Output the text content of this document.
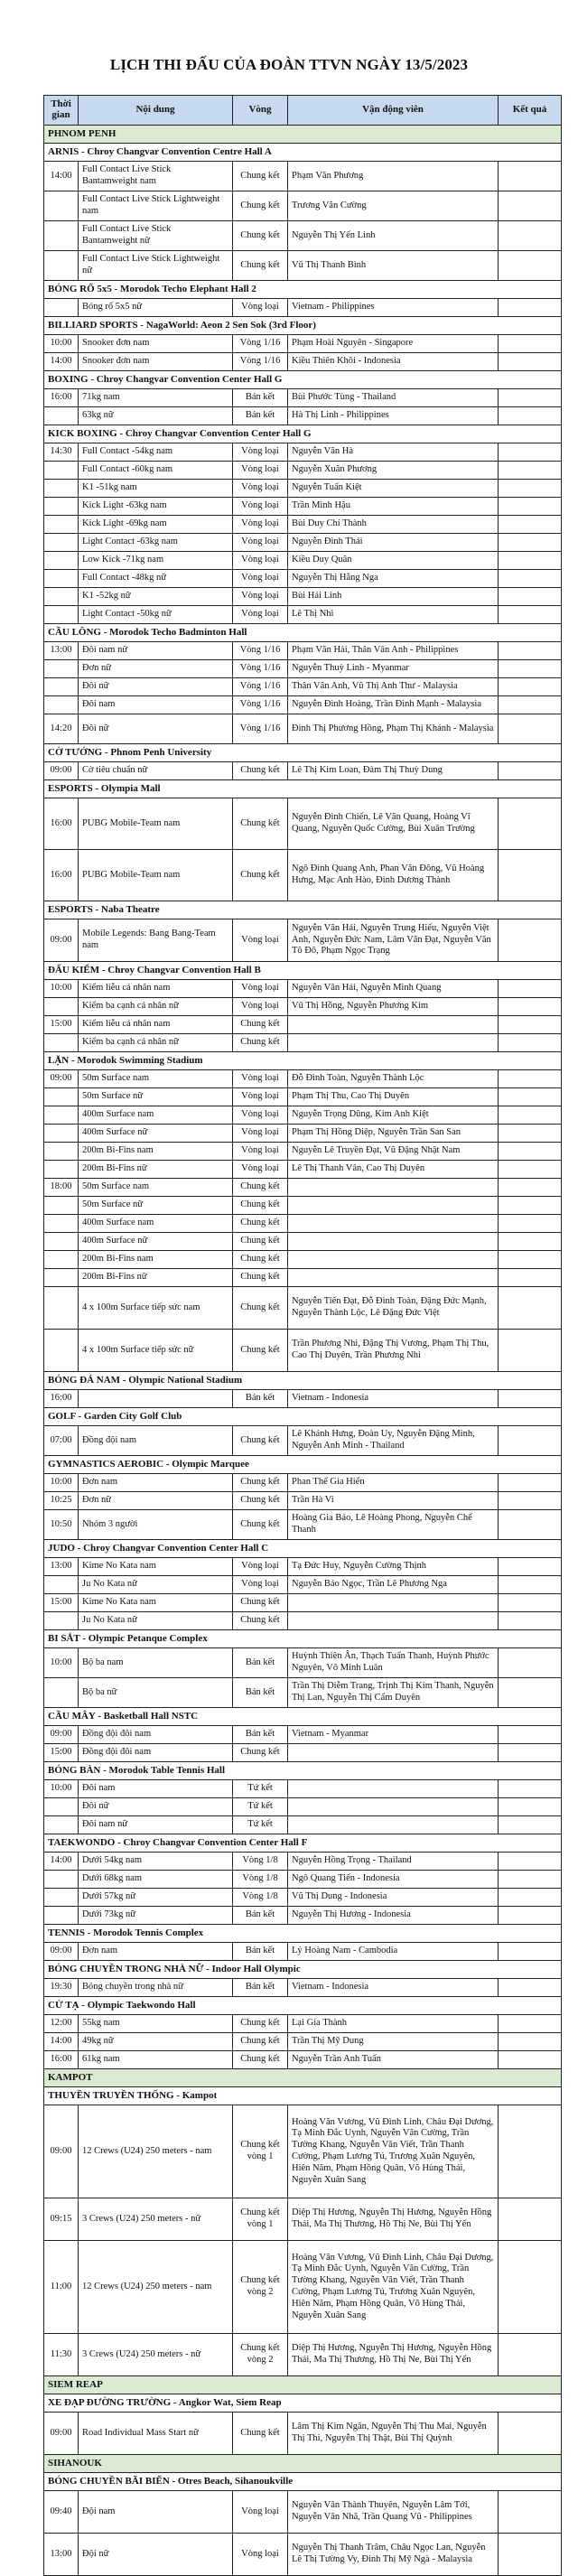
LỊCH THI ĐẤU CỦA ĐOÀN TTVN NGÀY 13/5/2023
Thời gian	Nội dung	Vòng	Vận động viên	Kết quả
PHNOM PENH				
ARNIS - Chroy Changvar Convention Centre Hall A				
14:00	Full Contact Live Stick Bantamweight nam	Chung kết	Phạm Văn Phương	
	Full Contact Live Stick Lightweight nam	Chung kết	Trương Văn Cường	
	Full Contact Live Stick Bantamweight nữ	Chung kết	Nguyễn Thị Yến Linh	
	Full Contact Live Stick Lightweight nữ	Chung kết	Vũ Thị Thanh Bình	
BÓNG RỔ 5x5 - Morodok Techo Elephant Hall 2				
	Bóng rổ 5x5 nữ	Vòng loại	Vietnam - Philippines	
BILLIARD SPORTS - NagaWorld: Aeon 2 Sen Sok (3rd Floor)				
10:00	Snooker đơn nam	Vòng 1/16	Phạm Hoài Nguyên - Singapore	
14:00	Snooker đơn nam	Vòng 1/16	Kiều Thiên Khôi - Indonesia	
BOXING - Chroy Changvar Convention Center Hall G				
16:00	71kg nam	Bán kết	Bùi Phước Tùng - Thailand	
	63kg nữ	Bán kết	Hà Thị Linh - Philippines	
KICK BOXING - Chroy Changvar Convention Center Hall G				
14:30	Full Contact -54kg nam	Vòng loại	Nguyễn Văn Hà	
	Full Contact -60kg nam	Vòng loại	Nguyễn Xuân Phương	
	K1 -51kg nam	Vòng loại	Nguyễn Tuấn Kiệt	
	Kick Light -63kg nam	Vòng loại	Trần Minh Hậu	
	Kick Light -69kg nam	Vòng loại	Bùi Duy Chí Thành	
	Light Contact -63kg nam	Vòng loại	Nguyễn Đình Thái	
	Low Kick -71kg nam	Vòng loại	Kiều Duy Quân	
	Full Contact -48kg nữ	Vòng loại	Nguyễn Thị Hằng Nga	
	K1 -52kg nữ	Vòng loại	Bùi Hải Linh	
	Light Contact -50kg nữ	Vòng loại	Lê Thị Nhi	
CẦU LÔNG - Morodok Techo Badminton Hall				
13:00	Đôi nam nữ	Vòng 1/16	Phạm Văn Hải, Thân Vân Anh - Philippines	
	Đơn nữ	Vòng 1/16	Nguyễn Thuỳ Linh - Myanmar	
	Đôi nữ	Vòng 1/16	Thân Vân Anh, Vũ Thị Anh Thư - Malaysia	
	Đôi nam	Vòng 1/16	Nguyễn Đình Hoàng, Trần Đình Mạnh - Malaysia	
14:20	Đôi nữ	Vòng 1/16	Đinh Thị Phương Hồng, Phạm Thị Khánh - Malaysia	
CỜ TƯỚNG - Phnom Penh University				
09:00	Cờ tiêu chuẩn nữ	Chung kết	Lê Thị Kim Loan, Đàm Thị Thuỳ Dung	
ESPORTS - Olympia Mall				
16:00	PUBG Mobile-Team nam	Chung kết	Nguyễn Đình Chiến, Lê Văn Quang, Hoàng Vĩ Quang, Nguyễn Quốc Cường, Bùi Xuân Trường	
16:00	PUBG Mobile-Team nam	Chung kết	Ngô Đình Quang Anh, Phan Văn Đông, Vũ Hoàng Hưng, Mạc Anh Hào, Đinh Dương Thành	
ESPORTS - Naba Theatre				
09:00	Mobile Legends: Bang Bang-Team nam	Vòng loại	Nguyễn Văn Hải, Nguyễn Trung Hiếu, Nguyễn Việt Anh, Nguyễn Đức Nam, Lâm Văn Đạt, Nguyễn Văn Tô Đô, Phạm Ngọc Trạng	
ĐẤU KIẾM - Chroy Changvar Convention Hall B				
10:00	Kiếm liễu cá nhân nam	Vòng loại	Nguyễn Văn Hải, Nguyễn Minh Quang	
	Kiếm ba cạnh cá nhân nữ	Vòng loại	Vũ Thị Hồng, Nguyễn Phương Kim	
15:00	Kiếm liễu cá nhân nam	Chung kết		
	Kiếm ba cạnh cá nhân nữ	Chung kết		
LẶN - Morodok Swimming Stadium				
09:00	50m Surface nam	Vòng loại	Đỗ Đình Toàn, Nguyễn Thành Lộc	
	50m Surface nữ	Vòng loại	Phạm Thị Thu, Cao Thị Duyên	
	400m Surface nam	Vòng loại	Nguyễn Trọng Dũng, Kim Anh Kiệt	
	400m Surface nữ	Vòng loại	Phạm Thị Hồng Diệp, Nguyễn Trần San San	
	200m Bi-Fins nam	Vòng loại	Nguyễn Lê Truyền Đạt, Vũ Đặng Nhật Nam	
	200m Bi-Fins nữ	Vòng loại	Lê Thị Thanh Vân, Cao Thị Duyên	
18:00	50m Surface nam	Chung kết		
	50m Surface nữ	Chung kết		
	400m Surface nam	Chung kết		
	400m Surface nữ	Chung kết		
	200m Bi-Fins nam	Chung kết		
	200m Bi-Fins nữ	Chung kết		
	4 x 100m Surface tiếp sức nam	Chung kết	Nguyễn Tiến Đạt, Đỗ Đình Toàn, Đặng Đức Mạnh, Nguyễn Thành Lộc, Lê Đặng Đức Việt	
	4 x 100m Surface tiếp sức nữ	Chung kết	Trần Phương Nhi, Đặng Thị Vương, Phạm Thị Thu, Cao Thị Duyên, Trần Phương Nhi	
BÓNG ĐÁ NAM - Olympic National Stadium				
16:00		Bán kết	Vietnam - Indonesia	
GOLF - Garden City Golf Club				
07:00	Đồng đội nam	Chung kết	Lê Khánh Hưng, Đoàn Uy, Nguyễn Đặng Minh, Nguyễn Anh Minh - Thailand	
GYMNASTICS AEROBIC - Olympic Marquee				
10:00	Đơn nam	Chung kết	Phan Thế Gia Hiển	
10:25	Đơn nữ	Chung kết	Trần Hà Vi	
10:50	Nhóm 3 người	Chung kết	Hoàng Gia Bảo, Lê Hoàng Phong, Nguyễn Chế Thanh	
JUDO - Chroy Changvar Convention Center Hall C				
13:00	Kime No Kata nam	Vòng loại	Tạ Đức Huy, Nguyễn Cường Thịnh	
	Ju No Kata nữ	Vòng loại	Nguyễn Bảo Ngọc, Trần Lê Phương Nga	
15:00	Kime No Kata nam	Chung kết		
	Ju No Kata nữ	Chung kết		
BI SẮT - Olympic Petanque Complex				
10:00	Bộ ba nam	Bán kết	Huỳnh Thiên Ân, Thạch Tuấn Thanh, Huỳnh Phước Nguyên, Võ Minh Luân	
	Bộ ba nữ	Bán kết	Trần Thị Diễm Trang, Trịnh Thị Kim Thanh, Nguyễn Thị Lan, Nguyễn Thị Cẩm Duyên	
CẦU MÂY - Basketball Hall NSTC				
09:00	Đồng đội đôi nam	Bán kết	Vietnam - Myanmar	
15:00	Đồng đội đôi nam	Chung kết		
BÓNG BÀN - Morodok Table Tennis Hall				
10:00	Đôi nam	Tứ kết		
	Đôi nữ	Tứ kết		
	Đôi nam nữ	Tứ kết		
TAEKWONDO - Chroy Changvar Convention Center Hall F				
14:00	Dưới 54kg nam	Vòng 1/8	Nguyễn Hồng Trọng - Thailand	
	Dưới 68kg nam	Vòng 1/8	Ngô Quang Tiến - Indonesia	
	Dưới 57kg nữ	Vòng 1/8	Vũ Thị Dung - Indonesia	
	Dưới 73kg nữ	Bán kết	Nguyễn Thị Hương - Indonesia	
TENNIS - Morodok Tennis Complex				
09:00	Đơn nam	Bán kết	Lý Hoàng Nam - Cambodia	
BÓNG CHUYỀN TRONG NHÀ NỮ - Indoor Hall Olympic				
19:30	Bóng chuyền trong nhà nữ	Bán kết	Vietnam - Indonesia	
CỬ TẠ - Olympic Taekwondo Hall				
12:00	55kg nam	Chung kết	Lại Gia Thành	
14:00	49kg nữ	Chung kết	Trần Thị Mỹ Dung	
16:00	61kg nam	Chung kết	Nguyễn Trần Anh Tuấn	
KAMPOT				
THUYỀN TRUYỀN THỐNG - Kampot				
09:00	12 Crews (U24) 250 meters - nam	Chung kết vòng 1	Hoàng Văn Vương, Vũ Đình Linh, Châu Đại Dương, Tạ Minh Đắc Uynh, Nguyễn Văn Cường, Trần Tường Khang, Nguyễn Văn Viết, Trần Thanh Cường, Phạm Lương Tú, Trương Xuân Nguyên, Hiên Năm, Phạm Hồng Quân, Võ Hùng Thái, Nguyễn Xuân Sang	
09:15	3 Crews (U24) 250 meters - nữ	Chung kết vòng 1	Diệp Thị Hương, Nguyễn Thị Hương, Nguyễn Hồng Thái, Ma Thị Thương, Hồ Thị Ne, Bùi Thị Yến	
11:00	12 Crews (U24) 250 meters - nam	Chung kết vòng 2	Hoàng Văn Vương, Vũ Đình Linh, Châu Đại Dương, Tạ Minh Đắc Uynh, Nguyễn Văn Cường, Trần Tường Khang, Nguyễn Văn Viết, Trần Thanh Cường, Phạm Lương Tú, Trương Xuân Nguyên, Hiên Năm, Phạm Hồng Quân, Võ Hùng Thái, Nguyễn Xuân Sang	
11:30	3 Crews (U24) 250 meters - nữ	Chung kết vòng 2	Diệp Thị Hương, Nguyễn Thị Hương, Nguyễn Hồng Thái, Ma Thị Thương, Hồ Thị Ne, Bùi Thị Yến	
SIEM REAP				
XE ĐẠP ĐƯỜNG TRƯỜNG - Angkor Wat, Siem Reap				
09:00	Road Individual Mass Start nữ	Chung kết	Lâm Thị Kim Ngân, Nguyễn Thị Thu Mai, Nguyễn Thị Thi, Nguyễn Thị Thật, Bùi Thị Quỳnh	
SIHANOUK				
BÓNG CHUYỀN BÃI BIỂN - Otres Beach, Sihanoukville				
09:40	Đội nam	Vòng loại	Nguyễn Văn Thành Thuyên, Nguyễn Lâm Tới, Nguyễn Văn Nhã, Trần Quang Vũ - Philippines	
13:00	Đội nữ	Vòng loại	Nguyễn Thị Thanh Trâm, Châu Ngọc Lan, Nguyễn Lê Thị Tường Vy, Đinh Thị Mỹ Ngà - Malaysia	
